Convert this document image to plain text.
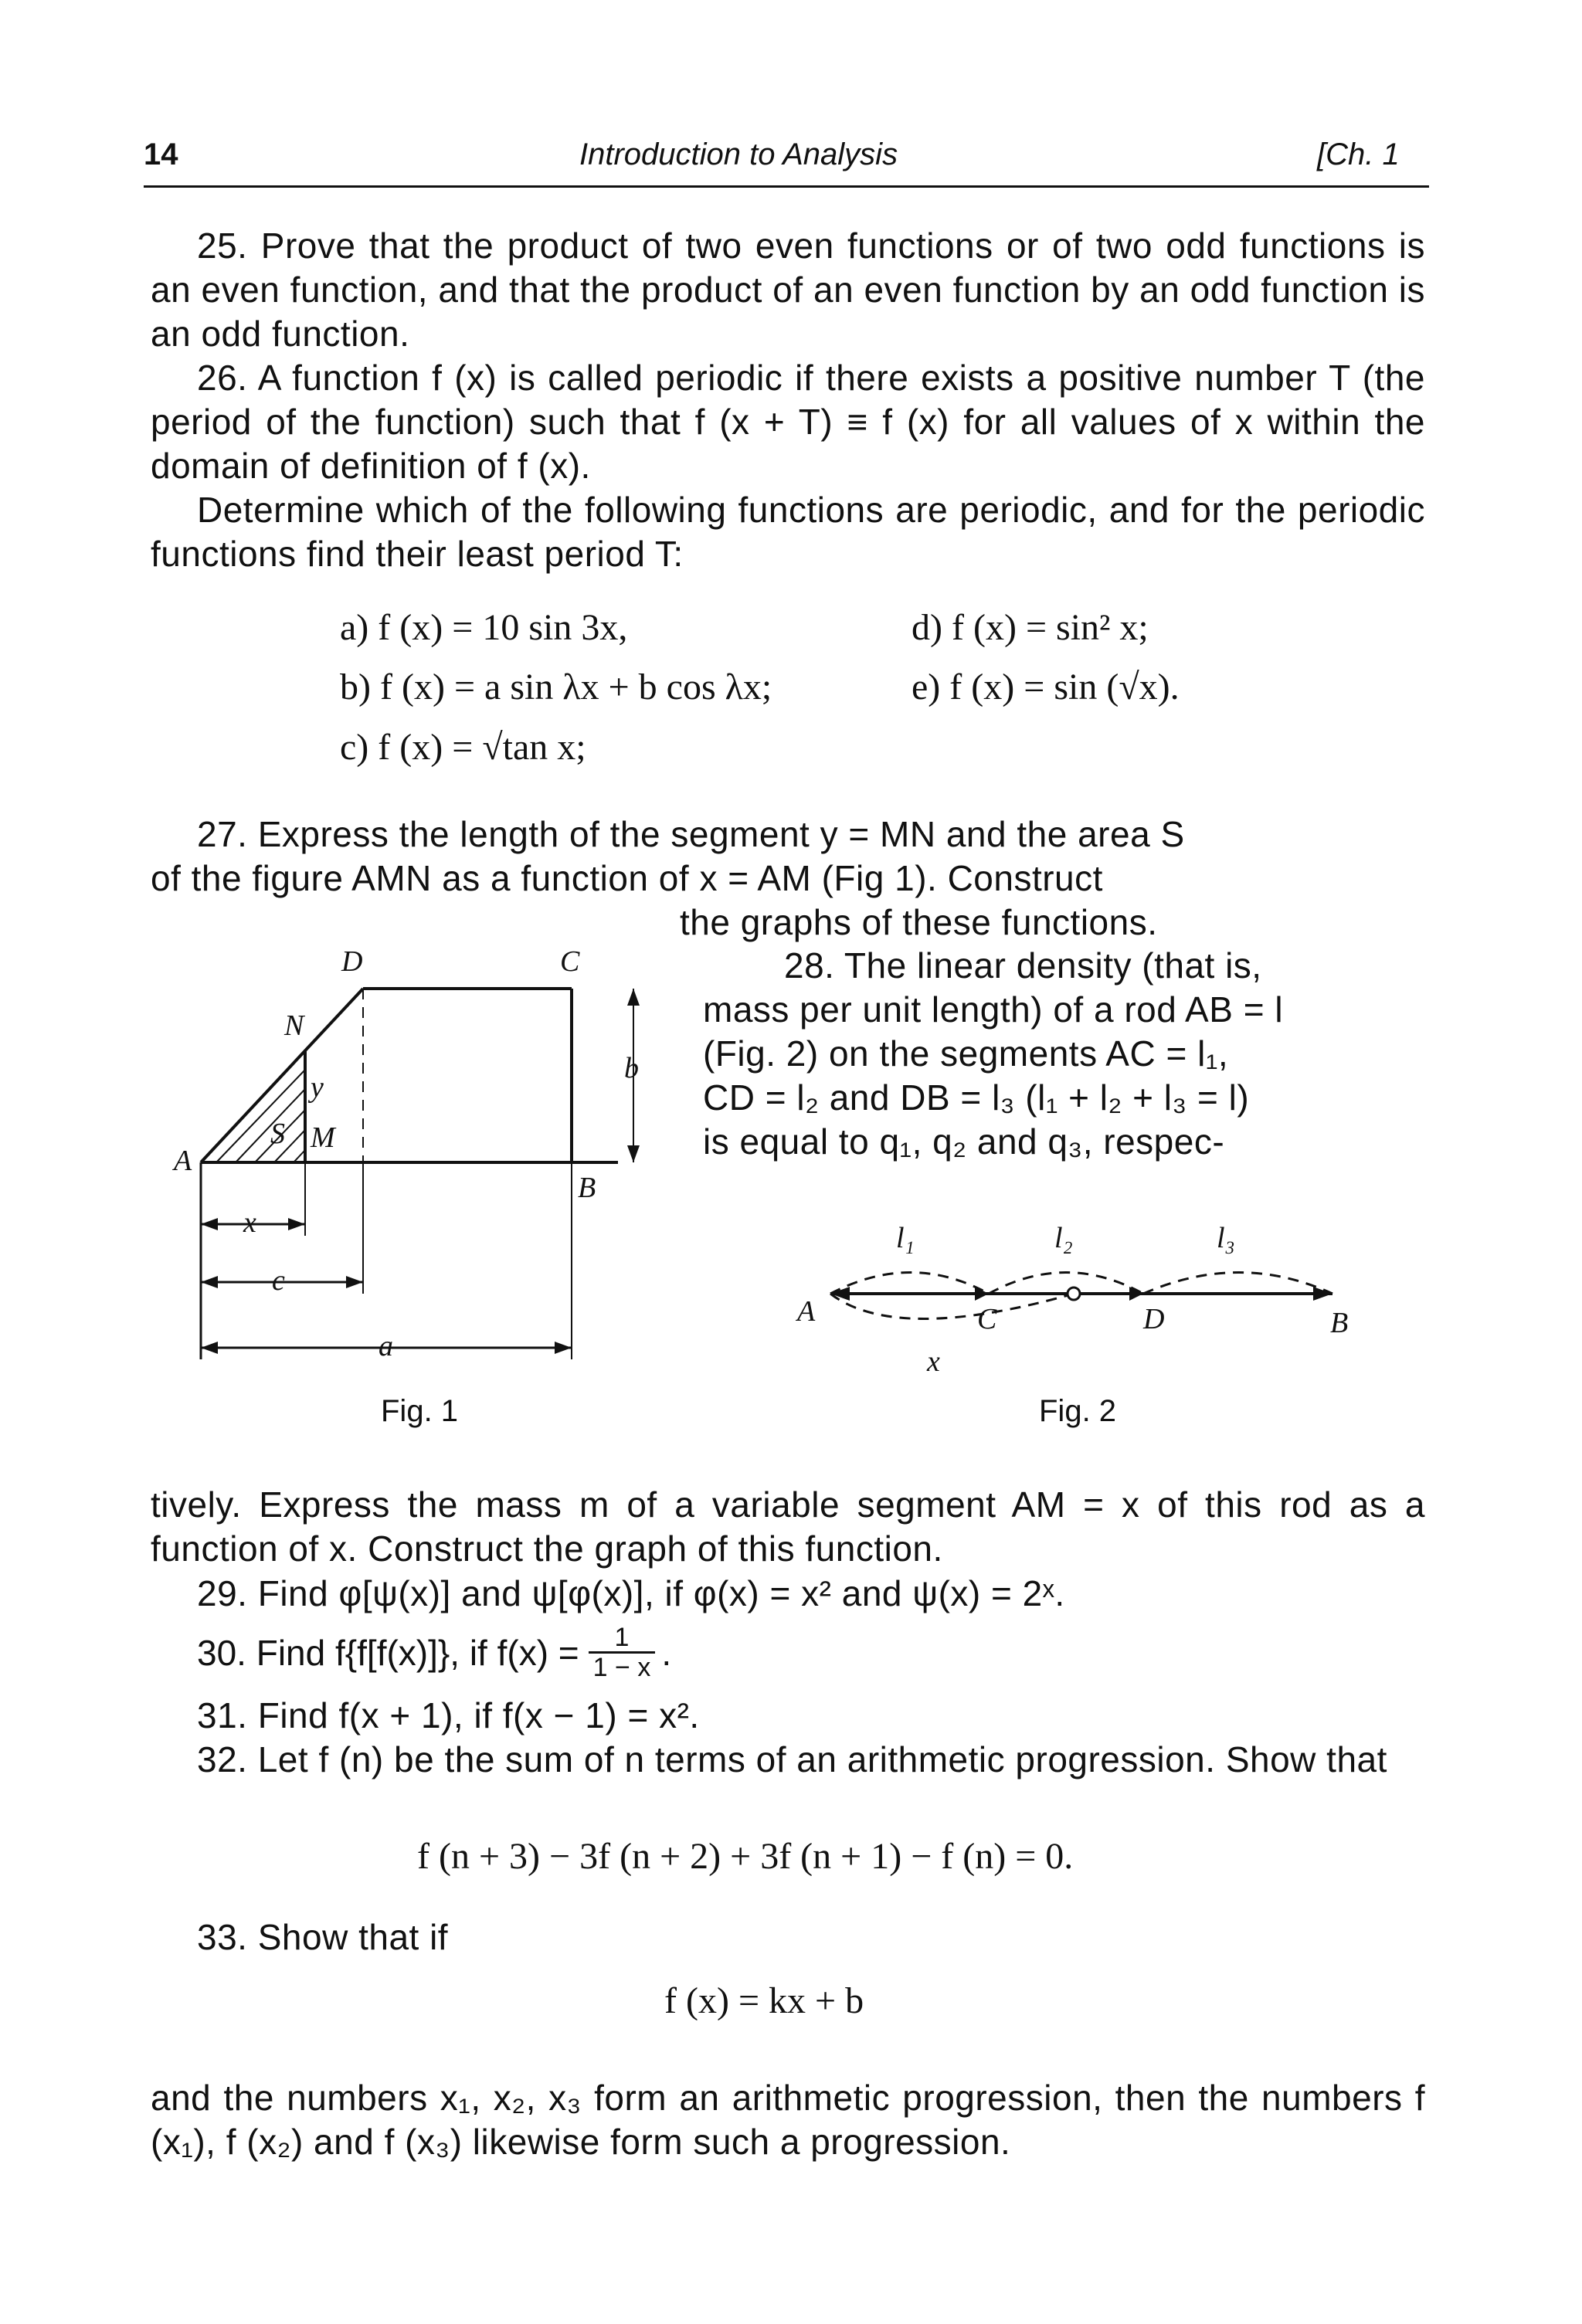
14	Introduction to Analysis	[Ch. 1

25. Prove that the product of two even functions or of two odd functions is an even function, and that the product of an even function by an odd function is an odd function.

26. A function f (x) is called periodic if there exists a positive number T (the period of the function) such that f (x + T) ≡ f (x) for all values of x within the domain of definition of f (x).

Determine which of the following functions are periodic, and for the periodic functions find their least period T:

a) f (x) = 10 sin 3x,
b) f (x) = a sin λx + b cos λx;
c) f (x) = √tan x;
d) f (x) = sin² x;
e) f (x) = sin (√x).
27. Express the length of the segment y = MN and the area S
of the figure AMN as a function of x = AM (Fig 1). Construct
the graphs of these functions.
28. The linear density (that is,
mass per unit length) of a rod AB = l
(Fig. 2) on the segments AC = l₁,
CD = l₂ and DB = l₃ (l₁ + l₂ + l₃ = l)
is equal to q₁, q₂ and q₃, respec-
D	C
N
y
S M
A
B
b
x
c
a
Fig. 1
l₁	l₂	l₃
A	C	D	B
x
Fig. 2
tively. Express the mass m of a variable segment AM = x of this rod as a function of x. Construct the graph of this function.
29. Find φ[ψ(x)] and ψ[φ(x)], if φ(x) = x² and ψ(x) = 2ˣ.
30. Find f{f[f(x)]}, if $f(x) = \frac{1}{1 - x}$ .
31. Find f(x + 1), if f(x − 1) = x².

32. Let f (n) be the sum of n terms of an arithmetic progression. Show that

f (n + 3) − 3f (n + 2) + 3f (n + 1) − f (n) = 0.
33. Show that if
f (x) = kx + b
and the numbers x₁, x₂, x₃ form an arithmetic progression, then the numbers f (x₁), f (x₂) and f (x₃) likewise form such a progression.
